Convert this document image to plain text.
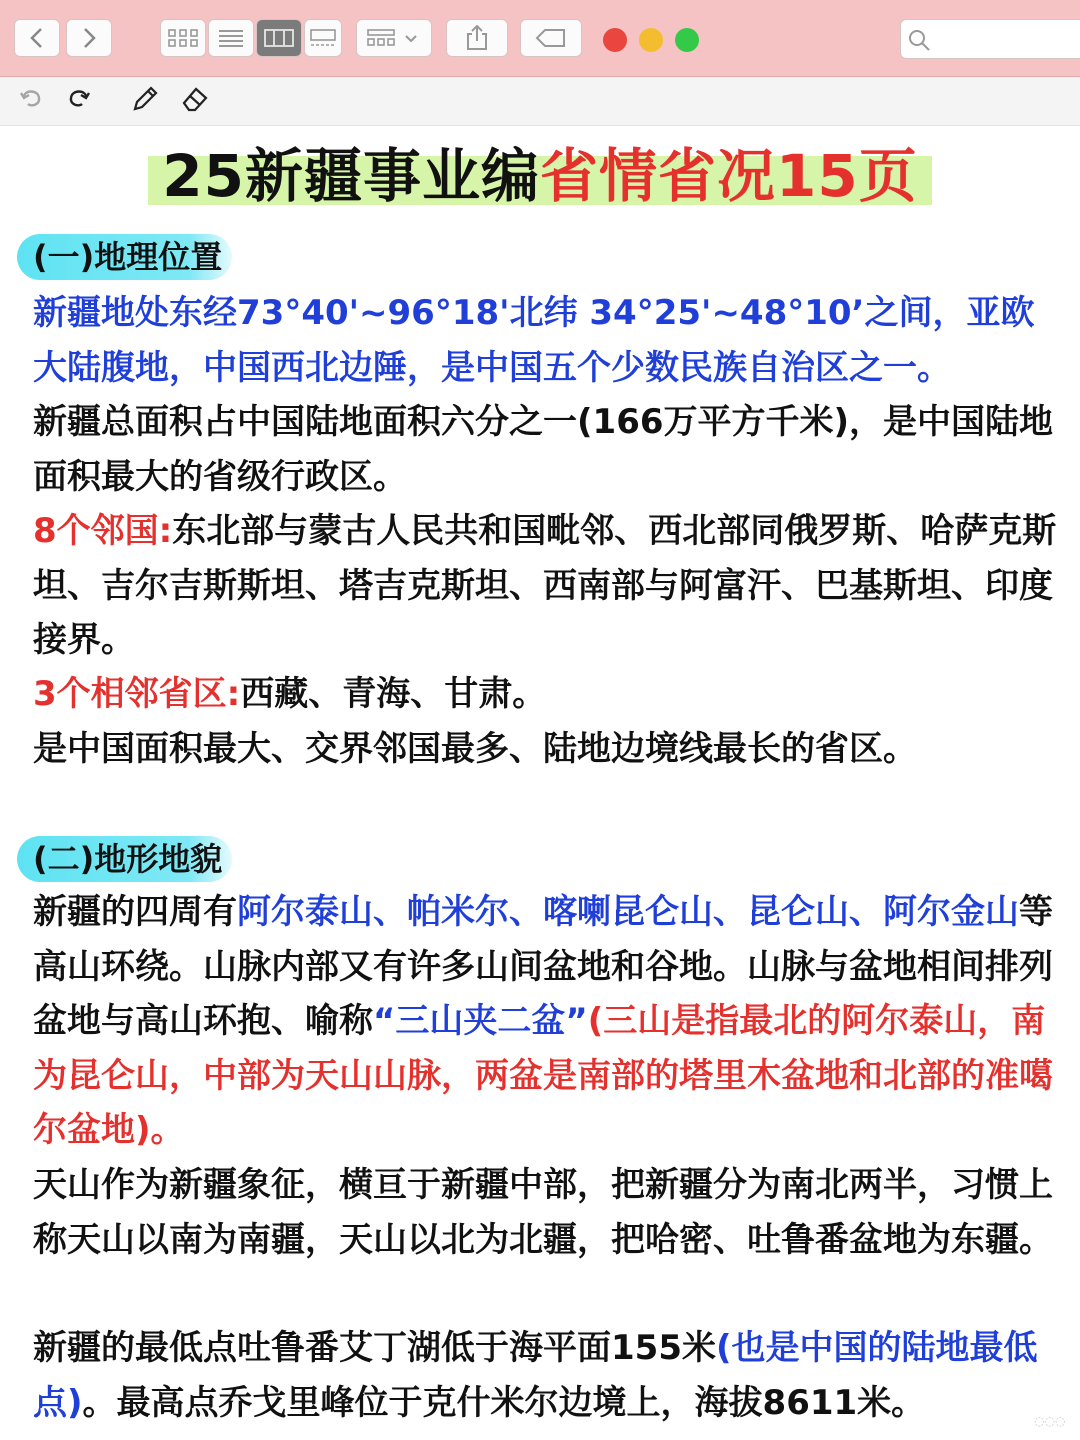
25新疆事业编省情省况15页
(一)地理位置
新疆地处东经73°40'~96°18'北纬 34°25'~48°10’之间，亚欧大陆腹地，中国西北边陲，是中国五个少数民族自治区之一。
新疆总面积占中国陆地面积六分之一(166万平方千米)，是中国陆地面积最大的省级行政区。
8个邻国:东北部与蒙古人民共和国毗邻、西北部同俄罗斯、哈萨克斯坦、吉尔吉斯斯坦、塔吉克斯坦、西南部与阿富汗、巴基斯坦、印度接界。
3个相邻省区:西藏、青海、甘肃。
是中国面积最大、交界邻国最多、陆地边境线最长的省区。
(二)地形地貌
新疆的四周有阿尔泰山、帕米尔、喀喇昆仑山、昆仑山、阿尔金山等高山环绕。山脉内部又有许多山间盆地和谷地。山脉与盆地相间排列盆地与高山环抱、喻称“三山夹二盆”(三山是指最北的阿尔泰山，南为昆仑山，中部为天山山脉，两盆是南部的塔里木盆地和北部的准噶尔盆地)。
天山作为新疆象征，横亘于新疆中部，把新疆分为南北两半，习惯上称天山以南为南疆，天山以北为北疆，把哈密、吐鲁番盆地为东疆。
新疆的最低点吐鲁番艾丁湖低于海平面155米(也是中国的陆地最低点)。最高点乔戈里峰位于克什米尔边境上，海拔8611米。	◌◌◌
